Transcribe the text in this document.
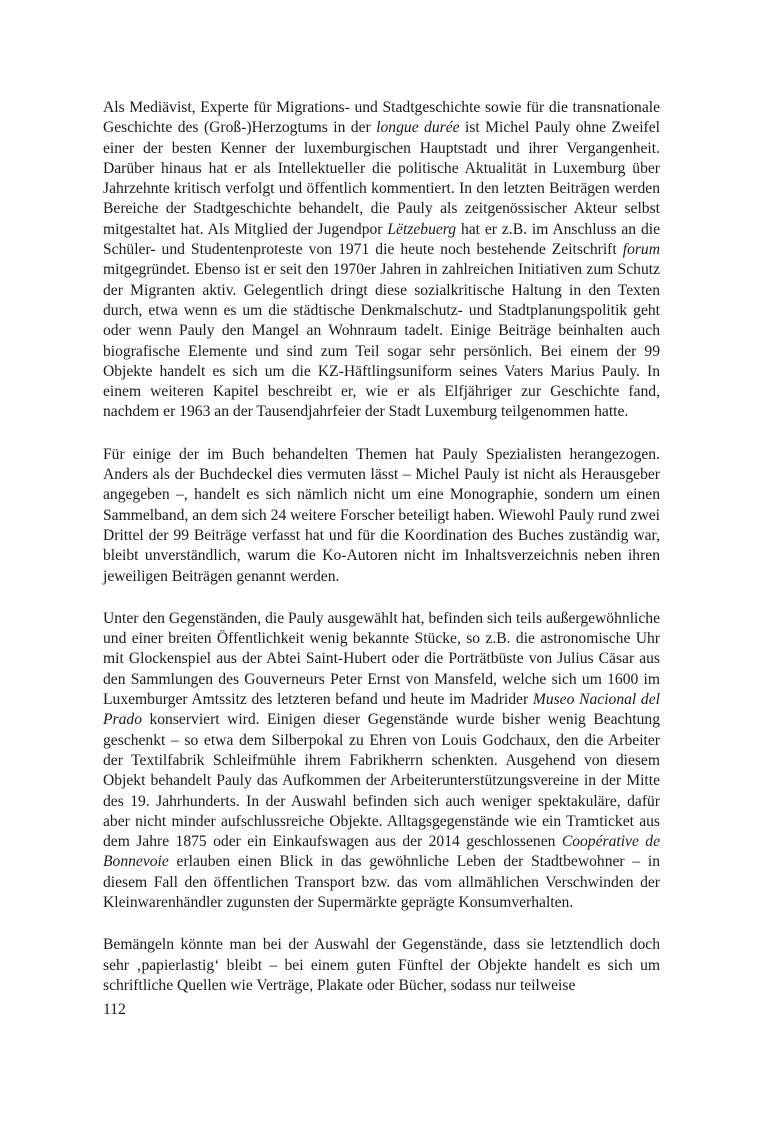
Als Mediävist, Experte für Migrations- und Stadtgeschichte sowie für die transnationale Geschichte des (Groß-)Herzogtums in der longue durée ist Michel Pauly ohne Zweifel einer der besten Kenner der luxemburgischen Hauptstadt und ihrer Vergangenheit. Darüber hinaus hat er als Intellektueller die politische Aktualität in Luxemburg über Jahrzehnte kritisch verfolgt und öffentlich kommentiert. In den letzten Beiträgen werden Bereiche der Stadtgeschichte behandelt, die Pauly als zeitgenössischer Akteur selbst mitgestaltet hat. Als Mitglied der Jugendpor Lëtzebuerg hat er z.B. im Anschluss an die Schüler- und Studentenproteste von 1971 die heute noch bestehende Zeitschrift forum mitgegründet. Ebenso ist er seit den 1970er Jahren in zahlreichen Initiativen zum Schutz der Migranten aktiv. Gelegentlich dringt diese sozialkritische Haltung in den Texten durch, etwa wenn es um die städtische Denkmalschutz- und Stadtplanungspolitik geht oder wenn Pauly den Mangel an Wohnraum tadelt. Einige Beiträge beinhalten auch biografische Elemente und sind zum Teil sogar sehr persönlich. Bei einem der 99 Objekte handelt es sich um die KZ-Häftlingsuniform seines Vaters Marius Pauly. In einem weiteren Kapitel beschreibt er, wie er als Elfjähriger zur Geschichte fand, nachdem er 1963 an der Tausendjahrfeier der Stadt Luxemburg teilgenommen hatte.

Für einige der im Buch behandelten Themen hat Pauly Spezialisten herangezogen. Anders als der Buchdeckel dies vermuten lässt – Michel Pauly ist nicht als Herausgeber angegeben –, handelt es sich nämlich nicht um eine Monographie, sondern um einen Sammelband, an dem sich 24 weitere Forscher beteiligt haben. Wiewohl Pauly rund zwei Drittel der 99 Beiträge verfasst hat und für die Koordination des Buches zuständig war, bleibt unverständlich, warum die Ko-Autoren nicht im Inhaltsverzeichnis neben ihren jeweiligen Beiträgen genannt werden.

Unter den Gegenständen, die Pauly ausgewählt hat, befinden sich teils außergewöhnliche und einer breiten Öffentlichkeit wenig bekannte Stücke, so z.B. die astronomische Uhr mit Glockenspiel aus der Abtei Saint-Hubert oder die Porträtbüste von Julius Cäsar aus den Sammlungen des Gouverneurs Peter Ernst von Mansfeld, welche sich um 1600 im Luxemburger Amtssitz des letzteren befand und heute im Madrider Museo Nacional del Prado konserviert wird. Einigen dieser Gegenstände wurde bisher wenig Beachtung geschenkt – so etwa dem Silberpokal zu Ehren von Louis Godchaux, den die Arbeiter der Textilfabrik Schleifmühle ihrem Fabrikherrn schenkten. Ausgehend von diesem Objekt behandelt Pauly das Aufkommen der Arbeiterunterstützungsvereine in der Mitte des 19. Jahrhunderts. In der Auswahl befinden sich auch weniger spektakuläre, dafür aber nicht minder aufschlussreiche Objekte. Alltagsgegenstände wie ein Tramticket aus dem Jahre 1875 oder ein Einkaufswagen aus der 2014 geschlossenen Coopérative de Bonnevoie erlauben einen Blick in das gewöhnliche Leben der Stadtbewohner – in diesem Fall den öffentlichen Transport bzw. das vom allmählichen Verschwinden der Kleinwarenhändler zugunsten der Supermärkte geprägte Konsumverhalten.

Bemängeln könnte man bei der Auswahl der Gegenstände, dass sie letztendlich doch sehr ‚papierlastig‘ bleibt – bei einem guten Fünftel der Objekte handelt es sich um schriftliche Quellen wie Verträge, Plakate oder Bücher, sodass nur teilweise

112
